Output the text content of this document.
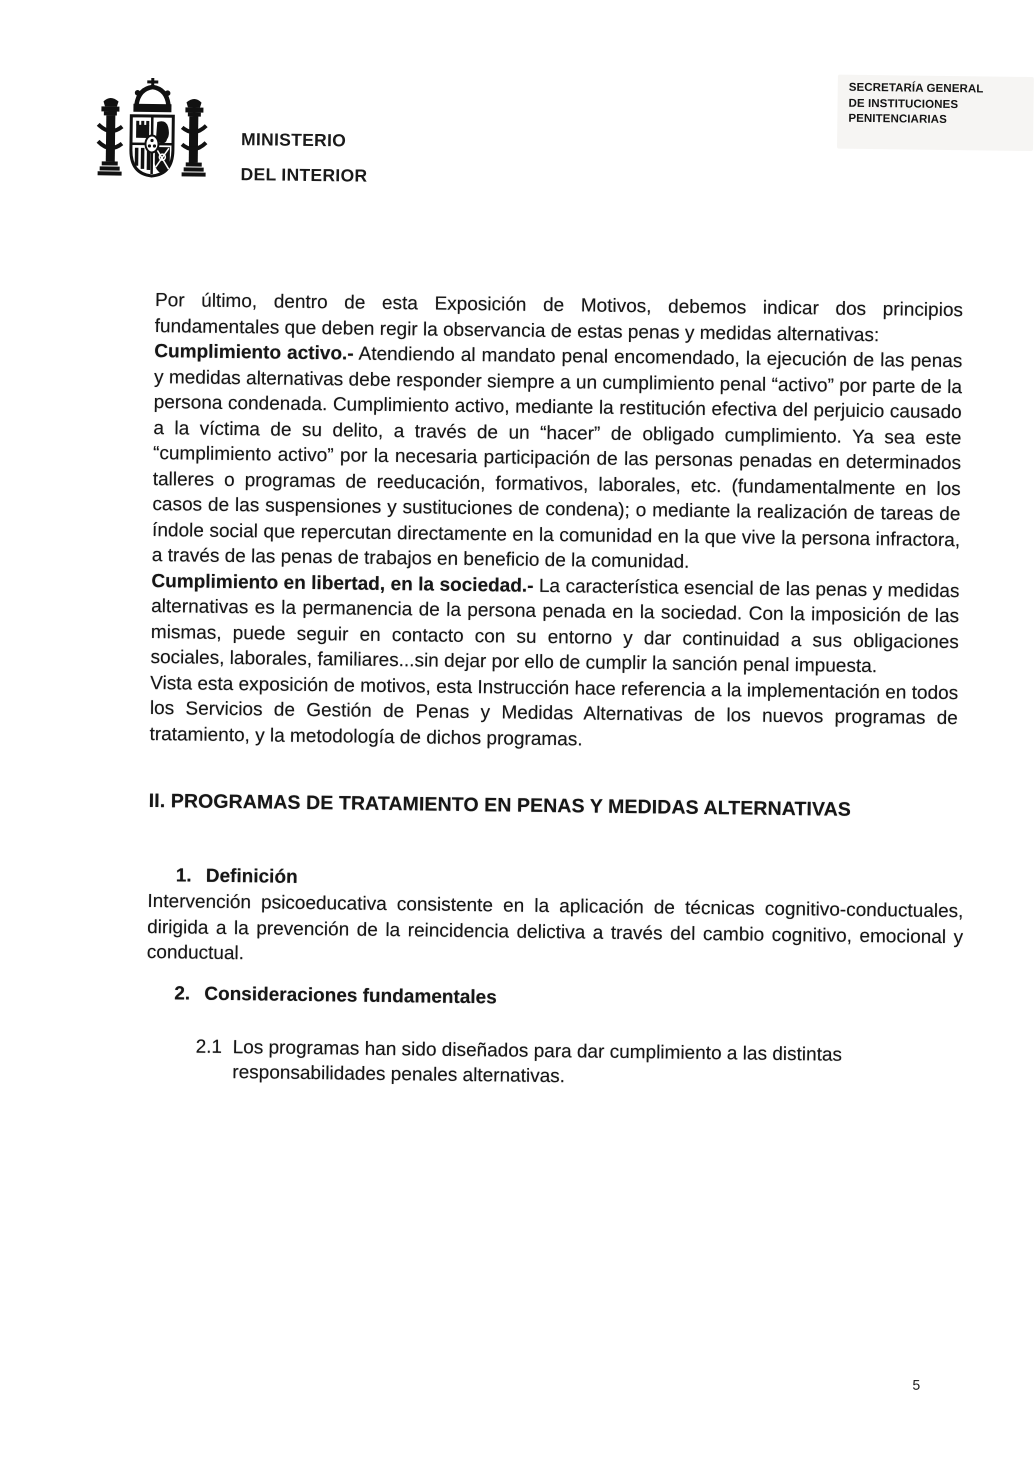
MINISTERIO
DEL INTERIOR
SECRETARÍA GENERAL
DE INSTITUCIONES
PENITENCIARIAS

Por último, dentro de esta Exposición de Motivos, debemos indicar dos principios fundamentales que deben regir la observancia de estas penas y medidas alternativas:

Cumplimiento activo.- Atendiendo al mandato penal encomendado, la ejecución de las penas y medidas alternativas debe responder siempre a un cumplimiento penal “activo” por parte de la persona condenada. Cumplimiento activo, mediante la restitución efectiva del perjuicio causado a la víctima de su delito, a través de un “hacer” de obligado cumplimiento. Ya sea este “cumplimiento activo” por la necesaria participación de las personas penadas en determinados talleres o programas de reeducación, formativos, laborales, etc. (fundamentalmente en los casos de las suspensiones y sustituciones de condena); o mediante la realización de tareas de índole social que repercutan directamente en la comunidad en la que vive la persona infractora, a través de las penas de trabajos en beneficio de la comunidad.

Cumplimiento en libertad, en la sociedad.- La característica esencial de las penas y medidas alternativas es la permanencia de la persona penada en la sociedad. Con la imposición de las mismas, puede seguir en contacto con su entorno y dar continuidad a sus obligaciones sociales, laborales, familiares...sin dejar por ello de cumplir la sanción penal impuesta.

Vista esta exposición de motivos, esta Instrucción hace referencia a la implementación en todos los Servicios de Gestión de Penas y Medidas Alternativas de los nuevos programas de tratamiento, y la metodología de dichos programas.

II. PROGRAMAS DE TRATAMIENTO EN PENAS Y MEDIDAS ALTERNATIVAS
1. Definición

Intervención psicoeducativa consistente en la aplicación de técnicas cognitivo-conductuales, dirigida a la prevención de la reincidencia delictiva a través del cambio cognitivo, emocional y conductual.

2. Consideraciones fundamentales
2.1 Los programas han sido diseñados para dar cumplimiento a las distintas responsabilidades penales alternativas.
5
